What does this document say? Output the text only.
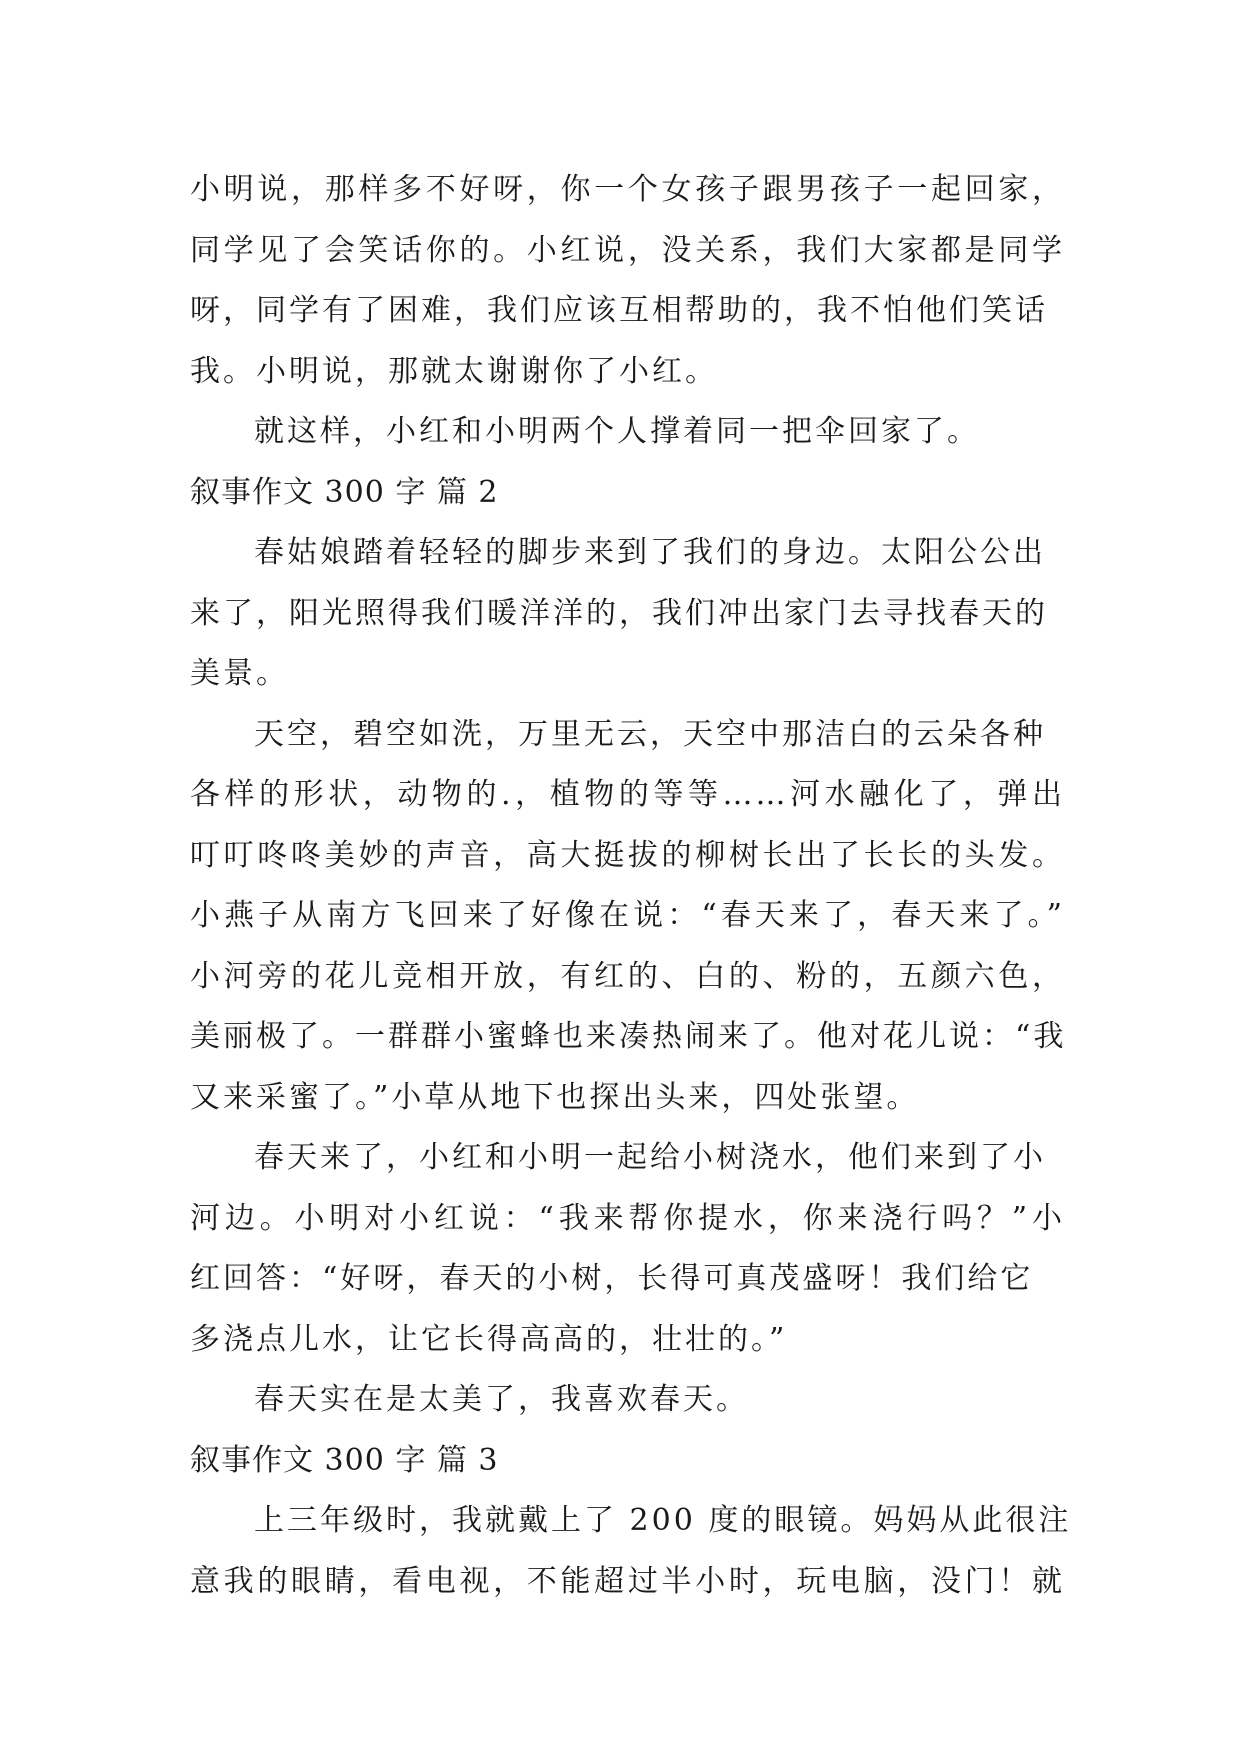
小明说，那样多不好呀，你一个女孩子跟男孩子一起回家，
同学见了会笑话你的。小红说，没关系，我们大家都是同学
呀，同学有了困难，我们应该互相帮助的，我不怕他们笑话
我。小明说，那就太谢谢你了小红。
就这样，小红和小明两个人撑着同一把伞回家了。
叙事作文 300 字 篇 2
春姑娘踏着轻轻的脚步来到了我们的身边。太阳公公出
来了，阳光照得我们暖洋洋的，我们冲出家门去寻找春天的
美景。
天空，碧空如洗，万里无云，天空中那洁白的云朵各种
各样的形状，动物的.，植物的等等……河水融化了，弹出
叮叮咚咚美妙的声音，高大挺拔的柳树长出了长长的头发。
小燕子从南方飞回来了好像在说：“春天来了，春天来了。”
小河旁的花儿竞相开放，有红的、白的、粉的，五颜六色，
美丽极了。一群群小蜜蜂也来凑热闹来了。他对花儿说：“我
又来采蜜了。”小草从地下也探出头来，四处张望。
春天来了，小红和小明一起给小树浇水，他们来到了小
河边。小明对小红说：“我来帮你提水，你来浇行吗？”小
红回答：“好呀，春天的小树，长得可真茂盛呀！我们给它
多浇点儿水，让它长得高高的，壮壮的。”
春天实在是太美了，我喜欢春天。
叙事作文 300 字 篇 3
上三年级时，我就戴上了 200 度的眼镜。妈妈从此很注
意我的眼睛，看电视，不能超过半小时，玩电脑，没门！就
